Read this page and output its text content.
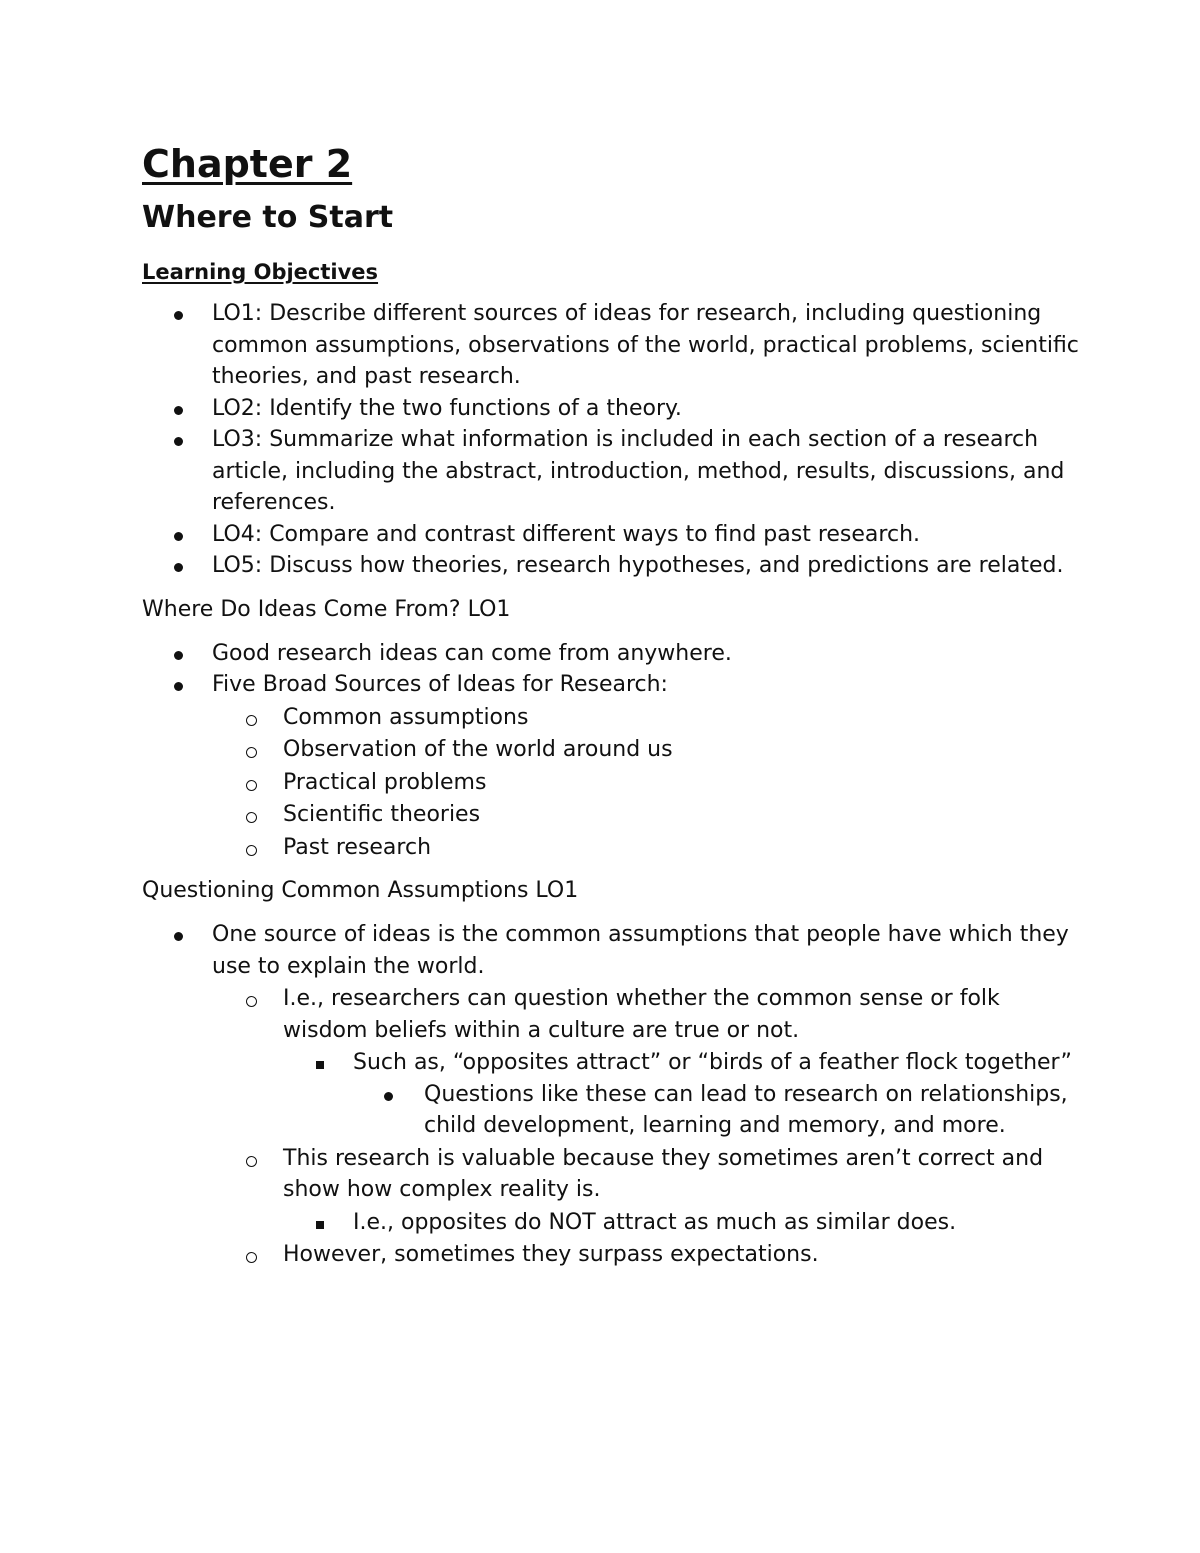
Chapter 2
Where to Start
Learning Objectives
LO1: Describe different sources of ideas for research, including questioning common assumptions, observations of the world, practical problems, scientific theories, and past research.
LO2: Identify the two functions of a theory.
LO3: Summarize what information is included in each section of a research article, including the abstract, introduction, method, results, discussions, and references.
LO4: Compare and contrast different ways to find past research.
LO5: Discuss how theories, research hypotheses, and predictions are related.
Where Do Ideas Come From? LO1
Good research ideas can come from anywhere.
Five Broad Sources of Ideas for Research:
Common assumptions
Observation of the world around us
Practical problems
Scientific theories
Past research
Questioning Common Assumptions LO1
One source of ideas is the common assumptions that people have which they use to explain the world.
I.e., researchers can question whether the common sense or folk wisdom beliefs within a culture are true or not.
Such as, “opposites attract” or “birds of a feather flock together”
Questions like these can lead to research on relationships, child development, learning and memory, and more.
This research is valuable because they sometimes aren’t correct and show how complex reality is.
I.e., opposites do NOT attract as much as similar does.
However, sometimes they surpass expectations.
